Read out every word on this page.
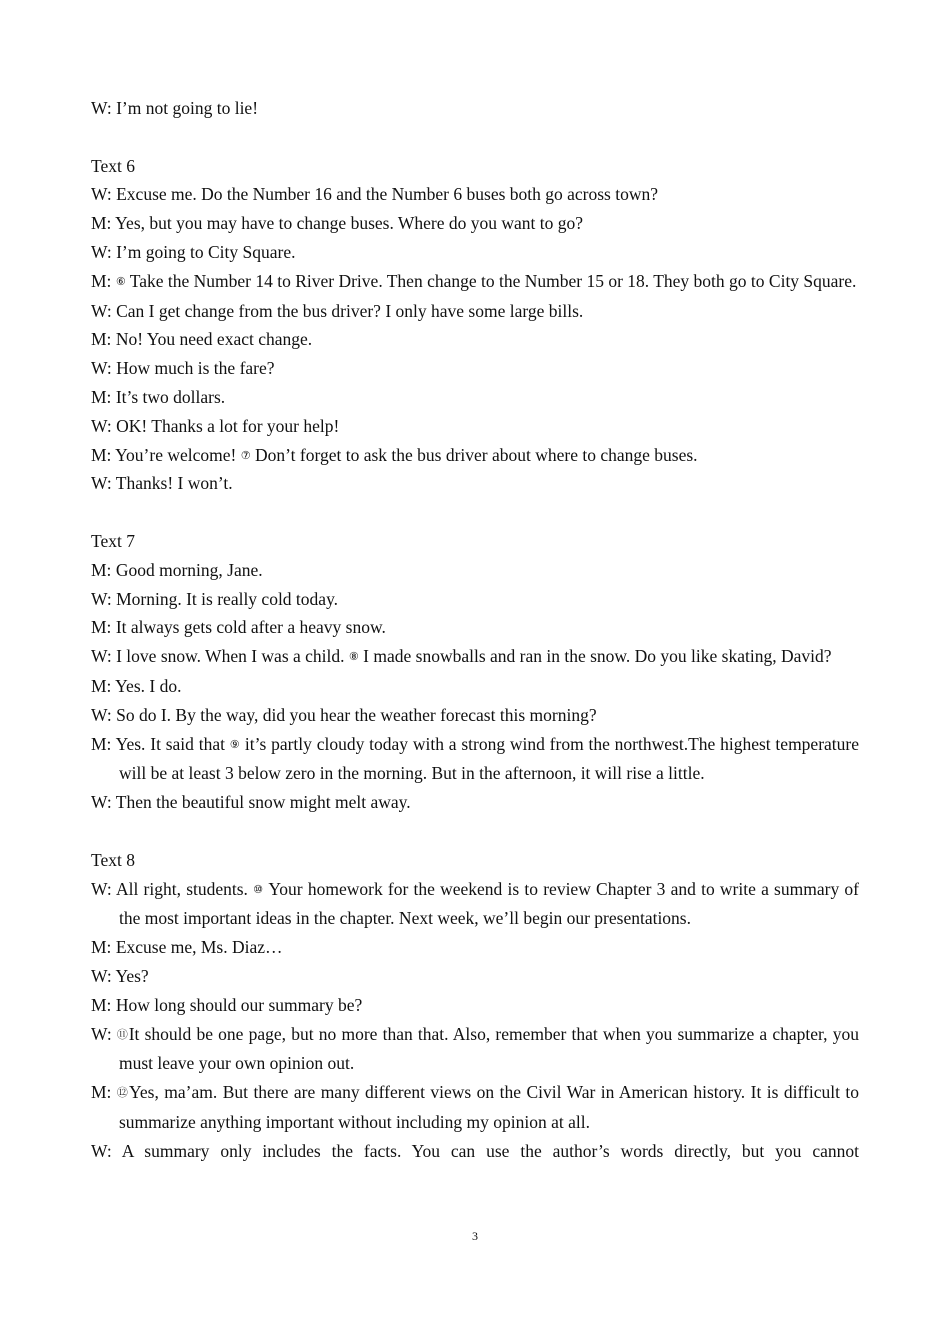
W: I’m not going to lie!
Text 6
W: Excuse me. Do the Number 16 and the Number 6 buses both go across town?
M: Yes, but you may have to change buses. Where do you want to go?
W: I’m going to City Square.
M: ⑥ Take the Number 14 to River Drive. Then change to the Number 15 or 18. They both go to City Square.
W: Can I get change from the bus driver? I only have some large bills.
M: No! You need exact change.
W: How much is the fare?
M: It’s two dollars.
W: OK! Thanks a lot for your help!
M: You’re welcome! ⑦ Don’t forget to ask the bus driver about where to change buses.
W: Thanks! I won’t.
Text 7
M: Good morning, Jane.
W: Morning. It is really cold today.
M: It always gets cold after a heavy snow.
W: I love snow. When I was a child. ⑧ I made snowballs and ran in the snow. Do you like skating, David?
M: Yes. I do.
W: So do I. By the way, did you hear the weather forecast this morning?
M: Yes. It said that ⑨ it’s partly cloudy today with a strong wind from the northwest.The highest temperature will be at least 3 below zero in the morning. But in the afternoon, it will rise a little.
W: Then the beautiful snow might melt away.
Text 8
W: All right, students. ⑩ Your homework for the weekend is to review Chapter 3 and to write a summary of the most important ideas in the chapter. Next week, we’ll begin our presentations.
M: Excuse me, Ms. Diaz…
W: Yes?
M: How long should our summary be?
W: ⑪It should be one page, but no more than that. Also, remember that when you summarize a chapter, you must leave your own opinion out.
M: ⑫Yes, ma’am. But there are many different views on the Civil War in American history. It is difficult to summarize anything important without including my opinion at all.
W: A summary only includes the facts. You can use the author’s words directly, but you cannot
3
